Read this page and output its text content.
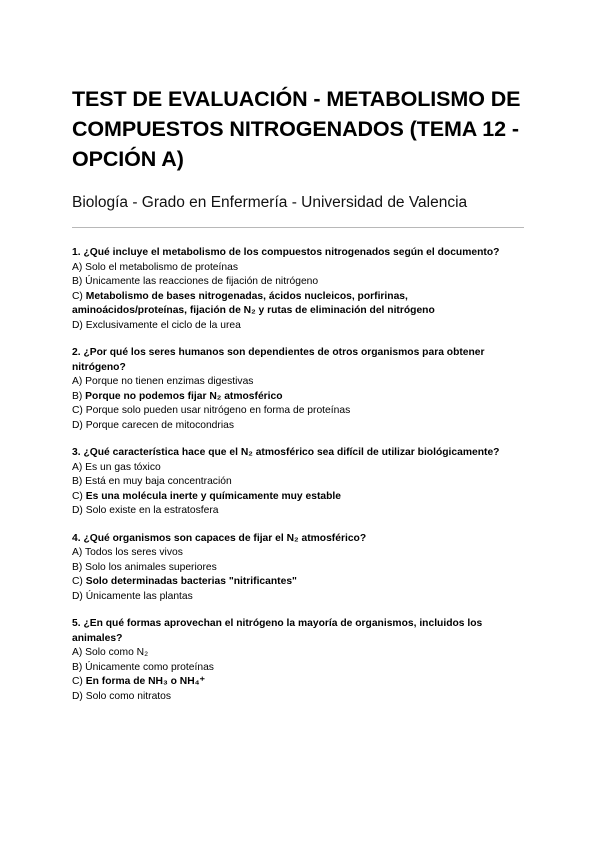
TEST DE EVALUACIÓN - METABOLISMO DE COMPUESTOS NITROGENADOS (TEMA 12 - OPCIÓN A)
Biología - Grado en Enfermería - Universidad de Valencia
1. ¿Qué incluye el metabolismo de los compuestos nitrogenados según el documento?
A) Solo el metabolismo de proteínas
B) Únicamente las reacciones de fijación de nitrógeno
C) Metabolismo de bases nitrogenadas, ácidos nucleicos, porfirinas, aminoácidos/proteínas, fijación de N₂ y rutas de eliminación del nitrógeno
D) Exclusivamente el ciclo de la urea
2. ¿Por qué los seres humanos son dependientes de otros organismos para obtener nitrógeno?
A) Porque no tienen enzimas digestivas
B) Porque no podemos fijar N₂ atmosférico
C) Porque solo pueden usar nitrógeno en forma de proteínas
D) Porque carecen de mitocondrias
3. ¿Qué característica hace que el N₂ atmosférico sea difícil de utilizar biológicamente?
A) Es un gas tóxico
B) Está en muy baja concentración
C) Es una molécula inerte y químicamente muy estable
D) Solo existe en la estratosfera
4. ¿Qué organismos son capaces de fijar el N₂ atmosférico?
A) Todos los seres vivos
B) Solo los animales superiores
C) Solo determinadas bacterias "nitrificantes"
D) Únicamente las plantas
5. ¿En qué formas aprovechan el nitrógeno la mayoría de organismos, incluidos los animales?
A) Solo como N₂
B) Únicamente como proteínas
C) En forma de NH₃ o NH₄⁺
D) Solo como nitratos
